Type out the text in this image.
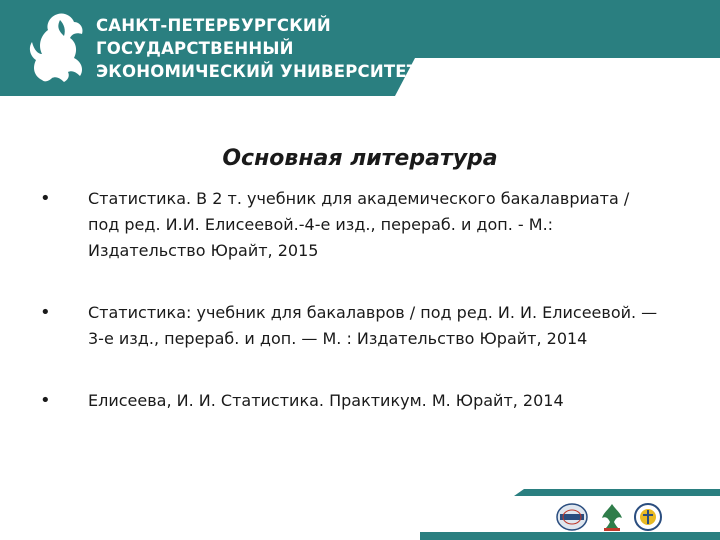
САНКТ-ПЕТЕРБУРГСКИЙ
ГОСУДАРСТВЕННЫЙ
ЭКОНОМИЧЕСКИЙ УНИВЕРСИТЕТ
Основная литература
• Статистика. В 2 т. учебник для академического бакалавриата /под ред. И.И. Елисеевой.-4-е изд., перераб. и доп. - М.: Издательство Юрайт, 2015
• Статистика: учебник для бакалавров / под ред. И. И. Елисеевой. — 3-е изд., перераб. и доп. — М. : Издательство Юрайт, 2014
• Елисеева, И. И. Статистика. Практикум. М. Юрайт, 2014
